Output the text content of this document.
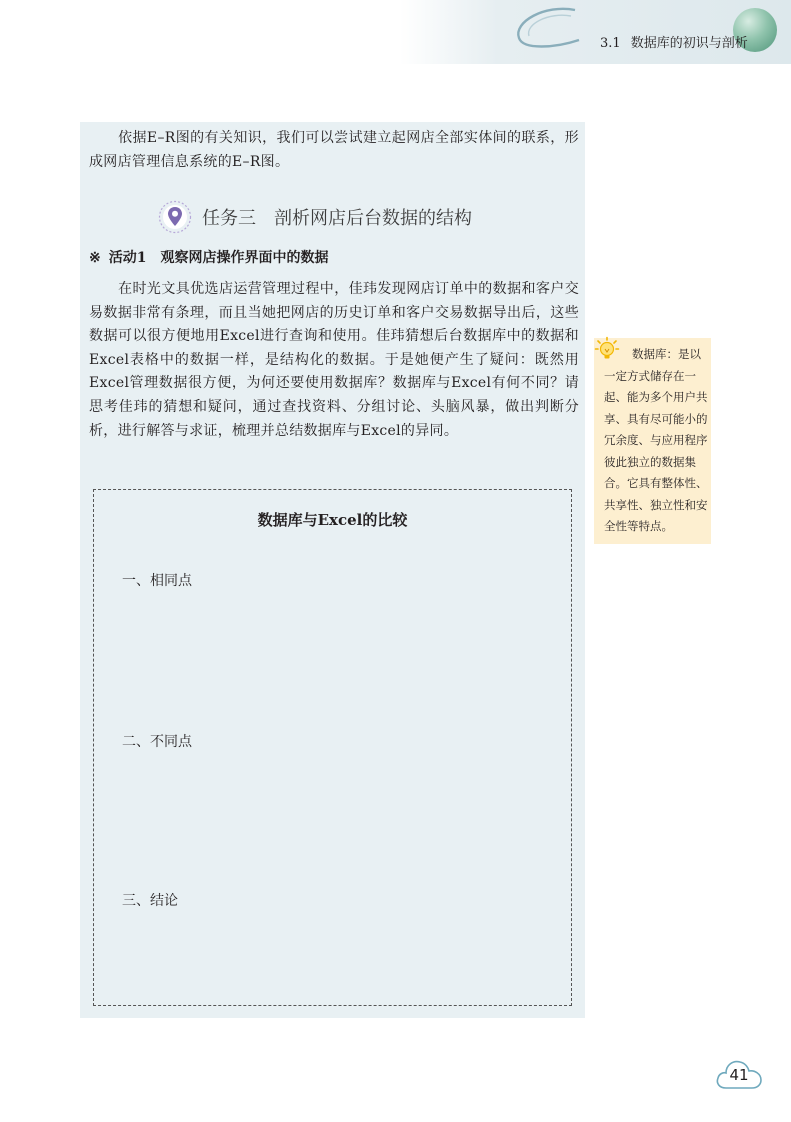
3.1 数据库的初识与剖析

依据E–R图的有关知识，我们可以尝试建立起网店全部实体间的联系，形成网店管理信息系统的E–R图。

任务三 剖析网店后台数据的结构
※ 活动1 观察网店操作界面中的数据

在时光文具优选店运营管理过程中，佳玮发现网店订单中的数据和客户交易数据非常有条理，而且当她把网店的历史订单和客户交易数据导出后，这些数据可以很方便地用Excel进行查询和使用。佳玮猜想后台数据库中的数据和Excel表格中的数据一样，是结构化的数据。于是她便产生了疑问：既然用Excel管理数据很方便，为何还要使用数据库？数据库与Excel有何不同？请思考佳玮的猜想和疑问，通过查找资料、分组讨论、头脑风暴，做出判断分析，进行解答与求证，梳理并总结数据库与Excel的异同。

数据库与Excel的比较
一、相同点
二、不同点
三、结论

数据库：是以一定方式储存在一起、能为多个用户共享、具有尽可能小的冗余度、与应用程序彼此独立的数据集合。它具有整体性、共享性、独立性和安全性等特点。

41
